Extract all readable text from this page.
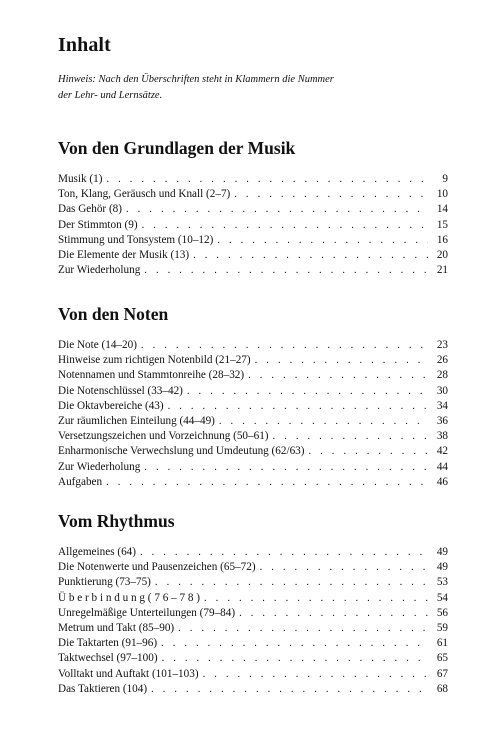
Inhalt
Hinweis: Nach den Überschriften steht in Klammern die Nummer
der Lehr- und Lernsätze.
Von den Grundlagen der Musik
Musik (1) . . .	9
Ton, Klang, Geräusch und Knall (2–7) . . .	10
Das Gehör (8) . . .	14
Der Stimmton (9) . . .	15
Stimmung und Tonsystem (10–12) . . .	16
Die Elemente der Musik (13) . . .	20
Zur Wiederholung . . .	21
Von den Noten
Die Note (14–20) . . .	23
Hinweise zum richtigen Notenbild (21–27) . . .	26
Notennamen und Stammtonreihe (28–32) . . .	28
Die Notenschlüssel (33–42) . . .	30
Die Oktavbereiche (43) . . .	34
Zur räumlichen Einteilung (44–49) . . .	36
Versetzungszeichen und Vorzeichnung (50–61) . . .	38
Enharmonische Verwechslung und Umdeutung (62/63) . . .	42
Zur Wiederholung . . .	44
Aufgaben . . .	46
Vom Rhythmus
Allgemeines (64) . . .	49
Die Notenwerte und Pausenzeichen (65–72) . . .	49
Punktierung (73–75) . . .	53
Ü b e r b i n d u n g ( 7 6 – 7 8 ) . . .	54
Unregelmäßige Unterteilungen (79–84) . . .	56
Metrum und Takt (85–90) . . .	59
Die Taktarten (91–96) . . .	61
Taktwechsel (97–100) . . .	65
Volltakt und Auftakt (101–103) . . .	67
Das Taktieren (104) . . .	68
